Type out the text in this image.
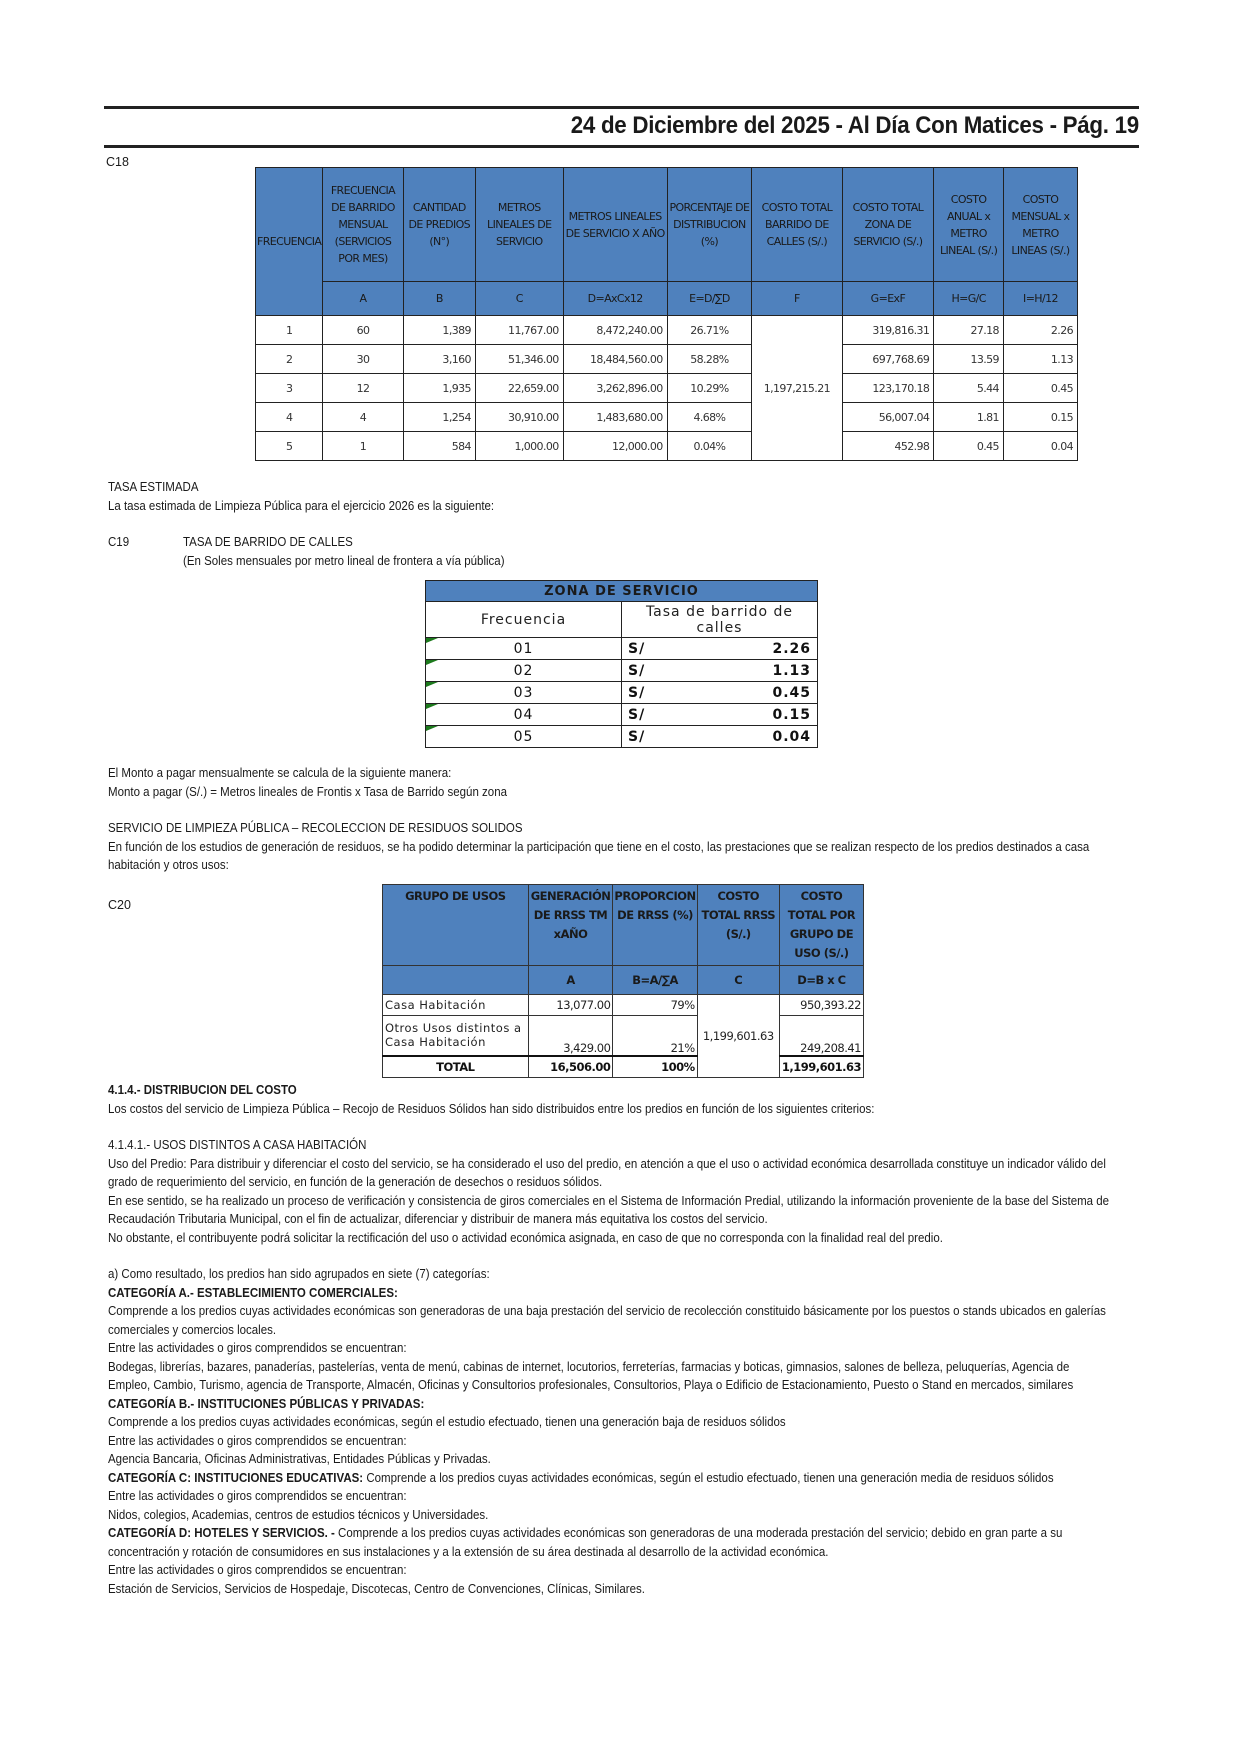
24 de Diciembre del 2025 - Al Día Con Matices - Pág. 19
C18
FRECUENCIA	FRECUENCIA DE BARRIDO MENSUAL (SERVICIOS POR MES)	CANTIDAD DE PREDIOS (N°)	METROS LINEALES DE SERVICIO	METROS LINEALES DE SERVICIO X AÑO	PORCENTAJE DE DISTRIBUCION (%)	COSTO TOTAL BARRIDO DE CALLES (S/.)	COSTO TOTAL ZONA DE SERVICIO (S/.)	COSTO ANUAL x METRO LINEAL (S/.)	COSTO MENSUAL x METRO LINEAS (S/.)
	A	B	C	D=AxCx12	E=D/∑D	F	G=ExF	H=G/C	I=H/12
1	60	1,389	11,767.00	8,472,240.00	26.71%	1,197,215.21	319,816.31	27.18	2.26
2	30	3,160	51,346.00	18,484,560.00	58.28%		697,768.69	13.59	1.13
3	12	1,935	22,659.00	3,262,896.00	10.29%		123,170.18	5.44	0.45
4	4	1,254	30,910.00	1,483,680.00	4.68%		56,007.04	1.81	0.15
5	1	584	1,000.00	12,000.00	0.04%		452.98	0.45	0.04

TASA ESTIMADA

La tasa estimada de Limpieza Pública para el ejercicio 2026 es la siguiente:

C19	TASA DE BARRIDO DE CALLES

(En Soles mensuales por metro lineal de frontera a vía pública)

ZONA DE SERVICIO	
Frecuencia	Tasa de barrido de calles
01	S/ 2.26

02	S/ 1.13

03	S/ 0.45

04	S/ 0.15

05	S/ 0.04

El Monto a pagar mensualmente se calcula de la siguiente manera:

Monto a pagar (S/.) = Metros lineales de Frontis x Tasa de Barrido según zona

SERVICIO DE LIMPIEZA PÚBLICA – RECOLECCION DE RESIDUOS SOLIDOS

En función de los estudios de generación de residuos, se ha podido determinar la participación que tiene en el costo, las prestaciones que se realizan respecto de los predios destinados a casa habitación y otros usos:

C20
GRUPO DE USOS	GENERACIÓN DE RRSS TM xAÑO	PROPORCION DE RRSS (%)	COSTO TOTAL RRSS (S/.)	COSTO TOTAL POR GRUPO DE USO (S/.)
	A	B=A/∑A	C	D=B x C
Casa Habitación	13,077.00	79%	1,199,601.63	950,393.22
Otros Usos distintos a Casa Habitación	3,429.00	21%		249,208.41
TOTAL	16,506.00	100%		1,199,601.63

4.1.4.- DISTRIBUCION DEL COSTO

Los costos del servicio de Limpieza Pública – Recojo de Residuos Sólidos han sido distribuidos entre los predios en función de los siguientes criterios:

4.1.4.1.- USOS DISTINTOS A CASA HABITACIÓN

Uso del Predio: Para distribuir y diferenciar el costo del servicio, se ha considerado el uso del predio, en atención a que el uso o actividad económica desarrollada constituye un indicador válido del grado de requerimiento del servicio, en función de la generación de desechos o residuos sólidos.

En ese sentido, se ha realizado un proceso de verificación y consistencia de giros comerciales en el Sistema de Información Predial, utilizando la información proveniente de la base del Sistema de Recaudación Tributaria Municipal, con el fin de actualizar, diferenciar y distribuir de manera más equitativa los costos del servicio.

No obstante, el contribuyente podrá solicitar la rectificación del uso o actividad económica asignada, en caso de que no corresponda con la finalidad real del predio.

a) Como resultado, los predios han sido agrupados en siete (7) categorías:

CATEGORÍA A.- ESTABLECIMIENTO COMERCIALES:

Comprende a los predios cuyas actividades económicas son generadoras de una baja prestación del servicio de recolección constituido básicamente por los puestos o stands ubicados en galerías comerciales y comercios locales.

Entre las actividades o giros comprendidos se encuentran:

Bodegas, librerías, bazares, panaderías, pastelerías, venta de menú, cabinas de internet, locutorios, ferreterías, farmacias y boticas, gimnasios, salones de belleza, peluquerías, Agencia de Empleo, Cambio, Turismo, agencia de Transporte, Almacén, Oficinas y Consultorios profesionales, Consultorios, Playa o Edificio de Estacionamiento, Puesto o Stand en mercados, similares

CATEGORÍA B.- INSTITUCIONES PÚBLICAS Y PRIVADAS:

Comprende a los predios cuyas actividades económicas, según el estudio efectuado, tienen una generación baja de residuos sólidos

Entre las actividades o giros comprendidos se encuentran:

Agencia Bancaria, Oficinas Administrativas, Entidades Públicas y Privadas.

CATEGORÍA C: INSTITUCIONES EDUCATIVAS: Comprende a los predios cuyas actividades económicas, según el estudio efectuado, tienen una generación media de residuos sólidos

Entre las actividades o giros comprendidos se encuentran:

Nidos, colegios, Academias, centros de estudios técnicos y Universidades.

CATEGORÍA D: HOTELES Y SERVICIOS. - Comprende a los predios cuyas actividades económicas son generadoras de una moderada prestación del servicio; debido en gran parte a su concentración y rotación de consumidores en sus instalaciones y a la extensión de su área destinada al desarrollo de la actividad económica.

Entre las actividades o giros comprendidos se encuentran:

Estación de Servicios, Servicios de Hospedaje, Discotecas, Centro de Convenciones, Clínicas, Similares.
